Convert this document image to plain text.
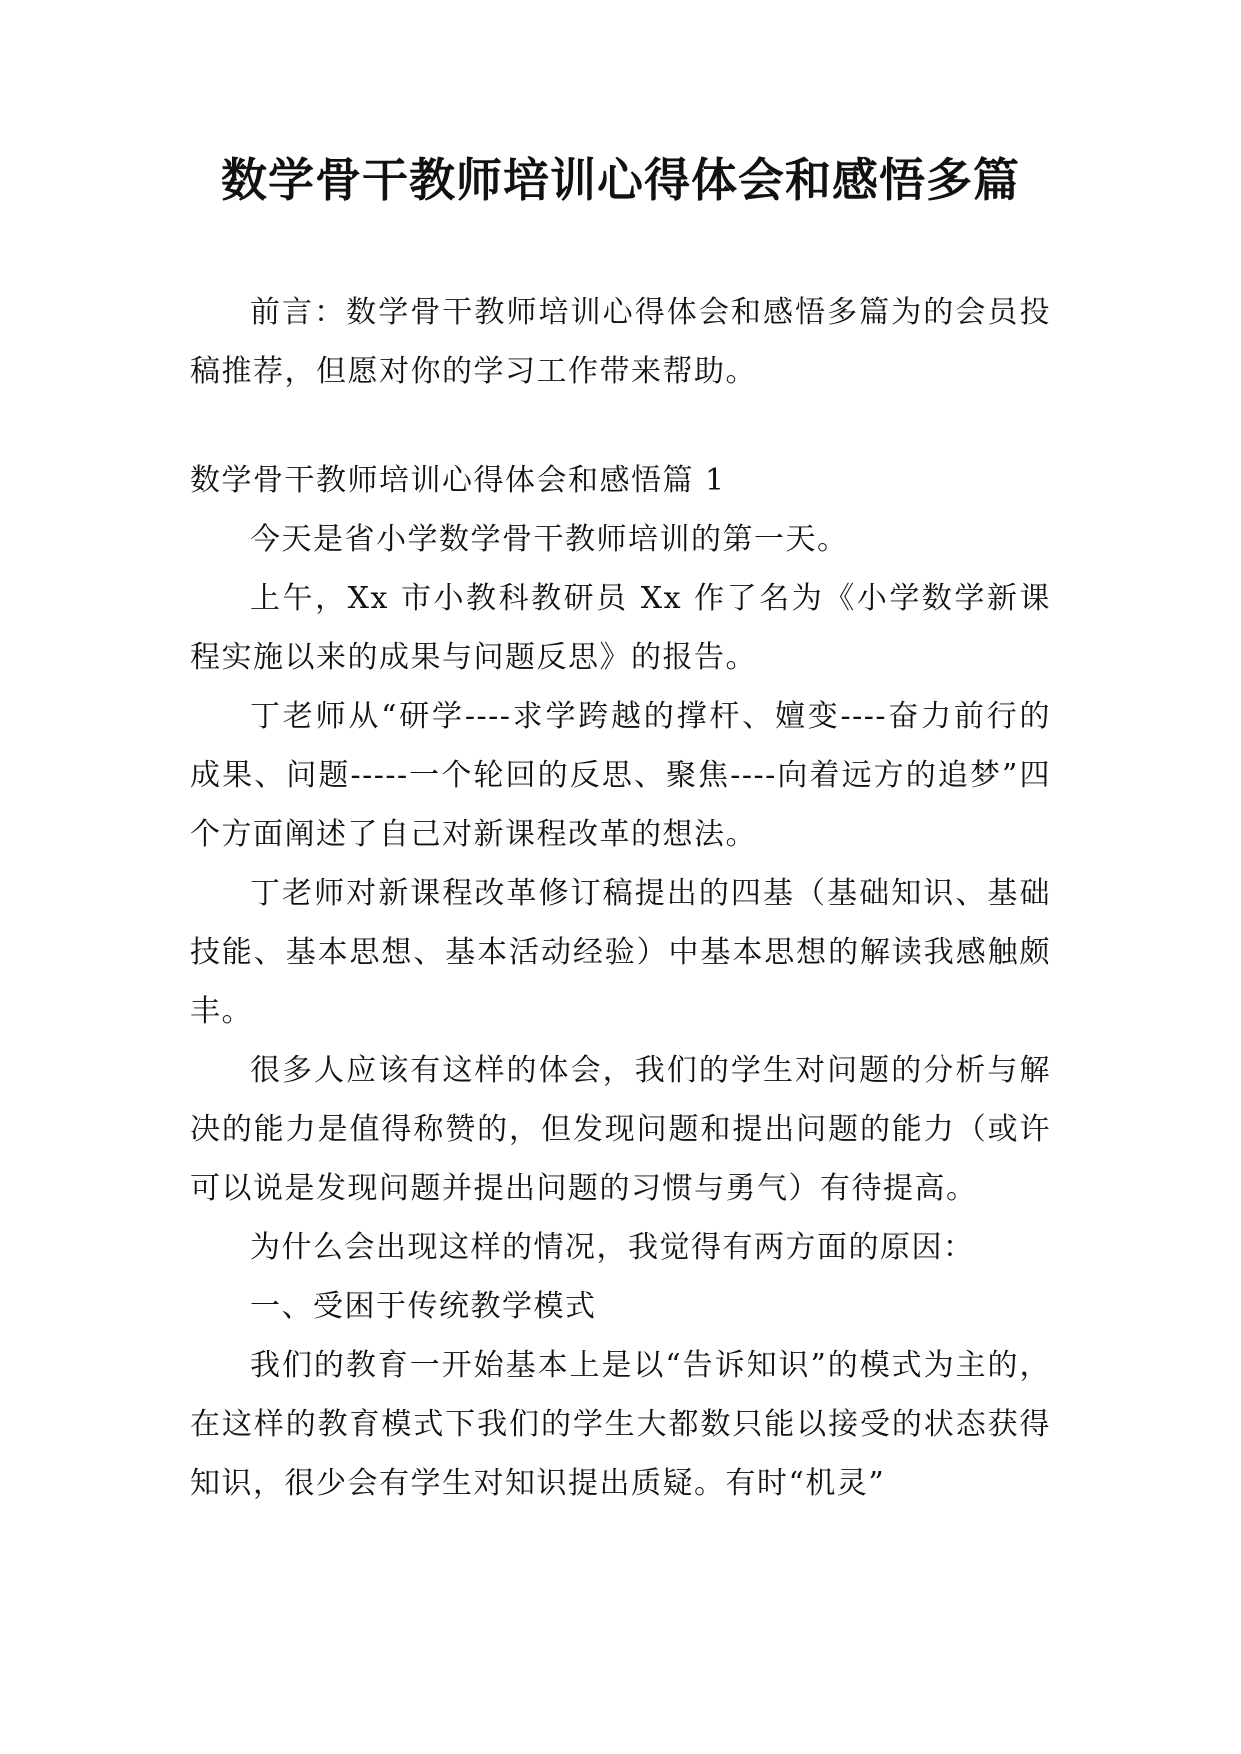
数学骨干教师培训心得体会和感悟多篇

前言：数学骨干教师培训心得体会和感悟多篇为的会员投稿推荐，但愿对你的学习工作带来帮助。

数学骨干教师培训心得体会和感悟篇 1

今天是省小学数学骨干教师培训的第一天。

上午，Xx 市小教科教研员 Xx 作了名为《小学数学新课程实施以来的成果与问题反思》的报告。

丁老师从“研学----求学跨越的撑杆、嬗变----奋力前行的成果、问题-----一个轮回的反思、聚焦----向着远方的追梦”四个方面阐述了自己对新课程改革的想法。

丁老师对新课程改革修订稿提出的四基（基础知识、基础技能、基本思想、基本活动经验）中基本思想的解读我感触颇丰。

很多人应该有这样的体会，我们的学生对问题的分析与解决的能力是值得称赞的，但发现问题和提出问题的能力（或许可以说是发现问题并提出问题的习惯与勇气）有待提高。

为什么会出现这样的情况，我觉得有两方面的原因：

一、受困于传统教学模式

我们的教育一开始基本上是以“告诉知识”的模式为主的，在这样的教育模式下我们的学生大都数只能以接受的状态获得知识，很少会有学生对知识提出质疑。有时“机灵”
